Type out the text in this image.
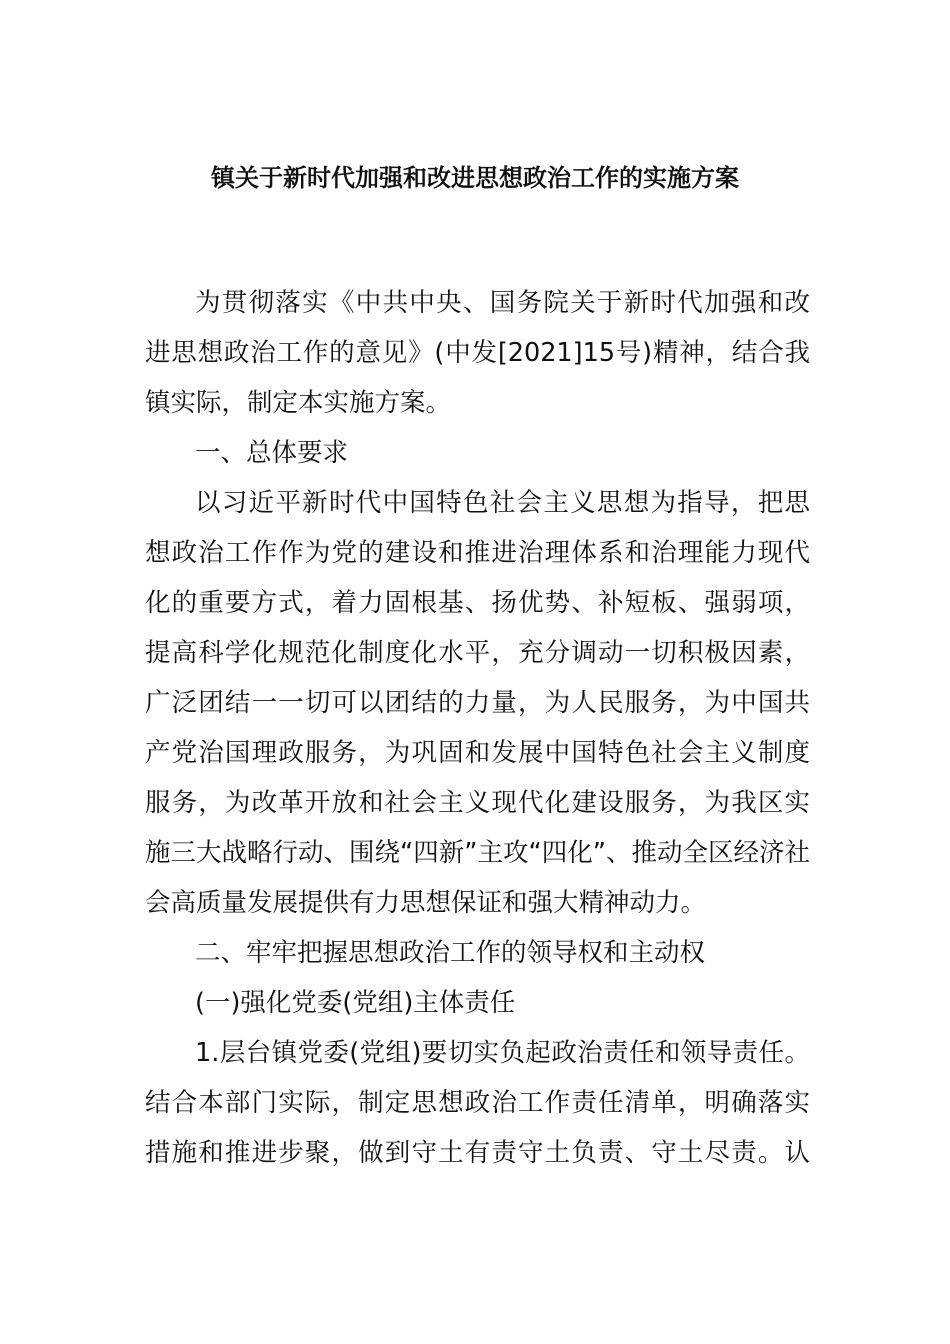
镇关于新时代加强和改进思想政治工作的实施方案
为贯彻落实《中共中央、国务院关于新时代加强和改
进思想政治工作的意见》(中发[2021]15号)精神，结合我
镇实际，制定本实施方案。
一、总体要求
以习近平新时代中国特色社会主义思想为指导，把思
想政治工作作为党的建设和推进治理体系和治理能力现代
化的重要方式，着力固根基、扬优势、补短板、强弱项，
提高科学化规范化制度化水平，充分调动一切积极因素，
广泛团结一一切可以团结的力量，为人民服务，为中国共
产党治国理政服务，为巩固和发展中国特色社会主义制度
服务，为改革开放和社会主义现代化建设服务，为我区实
施三大战略行动、围绕“四新”主攻“四化”、推动全区经济社
会高质量发展提供有力思想保证和强大精神动力。
二、牢牢把握思想政治工作的领导权和主动权
(一)强化党委(党组)主体责任
1.层台镇党委(党组)要切实负起政治责任和领导责任。
结合本部门实际，制定思想政治工作责任清单，明确落实
措施和推进步聚，做到守土有责守土负责、守土尽责。认
